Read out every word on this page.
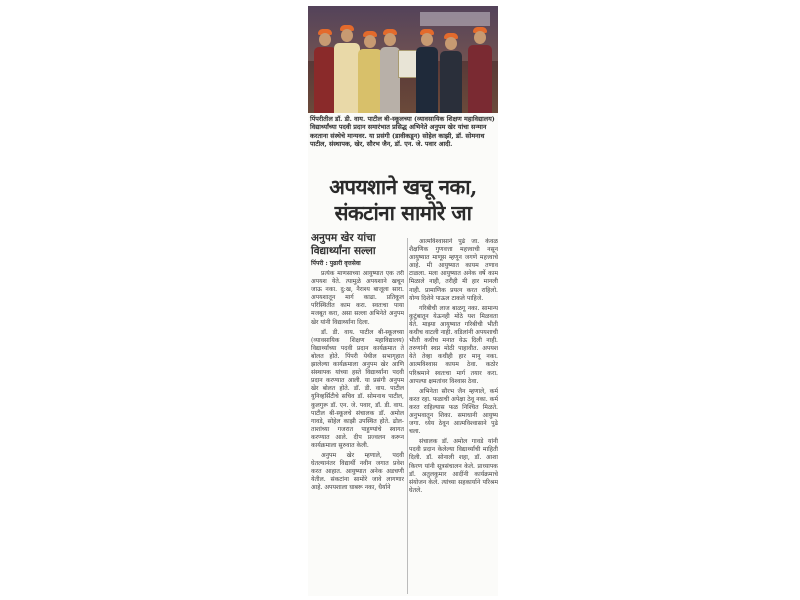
पिंपरीतील डॉ. डी. वाय. पाटील बी-स्कूलच्या (व्यावसायिक शिक्षण महाविद्यालय) विद्यार्थ्यांच्या पदवी प्रदान समारंभात प्रसिद्ध अभिनेते अनुपम खेर यांचा सन्मान करताना संस्थेचे मान्यवर. या प्रसंगी (डावीकडून) सोहेल काझी, डॉ. सोमनाथ पाटील, संस्थापक, खेर, सौरभ जैन, डॉ. एन. जे. पवार आदी.
अपयशाने खचू नका,
संकटांना सामोरे जा
अनुपम खेर यांचा विद्यार्थ्यांना सल्ला
पिंपरी : पुढारी वृत्तसेवा

प्रत्येक माणसाच्या आयुष्यात एक तरी अपयश येते. त्यामुळे अपयशाने खचून जाऊ नका. दु:ख, नैराश्य बाजूला सारा. अपयशातून मार्ग काढा. प्रतिकूल परिस्थितीत काम करा. स्वतःचा पाया मजबूत करा, असा सल्ला अभिनेते अनुपम खेर यांनी विद्यार्थ्यांना दिला.

डॉ. डी. वाय. पाटील बी-स्कूलच्या (व्यावसायिक शिक्षण महाविद्यालय) विद्यार्थ्यांच्या पदवी प्रदान कार्यक्रमात ते बोलत होते. पिंपरी येथील सभागृहात झालेल्या कार्यक्रमाला अनुपम खेर आणि संस्थापक यांच्या हस्ते विद्यार्थ्यांना पदवी प्रदान करण्यात आली. या प्रसंगी अनुपम खेर बोलत होते. डॉ. डी. वाय. पाटील युनिव्हर्सिटीचे सचिव डॉ. सोमनाथ पाटील, कुलगुरू डॉ. एन. जे. पवार, डॉ. डी. वाय. पाटील बी-स्कूलचे संचालक डॉ. अमोल गावडे, सोहेल काझी उपस्थित होते. ढोल-ताशांच्या गजरात पाहुण्यांचे स्वागत करण्यात आले. दीप प्रज्वलन करून कार्यक्रमाला सुरुवात केली.

अनुपम खेर म्हणाले, पदवी घेतल्यानंतर विद्यार्थी नवीन जगात प्रवेश करत आहात. आयुष्यात अनेक अडचणी येतील. संकटांना सामोरे जावे लागणार आहे. अपयशाला घाबरू नका, धैर्याने

आत्मविश्वासाने पुढे जा. केवळ शैक्षणिक गुणवत्ता महत्त्वाची नसून आयुष्यात माणूस म्हणून जगणे महत्त्वाचे आहे. मी आयुष्यात कायम तणाव टाळला. मला आयुष्यात अनेक वर्षे काम मिळाले नाही, तरीही मी हार मानली नाही. प्रामाणिक प्रयत्न करत राहिलो. योग्य दिशेने पाऊल टाकले पाहिजे.

गरिबीची लाज बाळगू नका. सामान्य कुटुंबातून येऊनही मोठे यश मिळवता येते. माझ्या आयुष्यात गरिबीची भीती कधीच वाटली नाही. वडिलांनी अपयशाची भीती कधीच मनात येऊ दिली नाही. तरुणांनी स्वप्न मोठी पाहावीत. अपयश येते तेव्हा कधीही हार मानू नका. आत्मविश्वास कायम ठेवा. कठोर परिश्रमाने स्वतःचा मार्ग तयार करा. आपल्या क्षमतांवर विश्वास ठेवा.

अभिनेता सौरभ जैन म्हणाले, कर्म करत रहा. फळाची अपेक्षा ठेवू नका. कर्म करत राहिल्यास फळ निश्चित मिळते. अनुभवातून शिका. समाधानी आयुष्य जगा. ध्येय ठेवून आत्मविश्वासाने पुढे चला.

संचालक डॉ. अमोल गावडे यांनी पदवी प्रदान केलेल्या विद्यार्थ्यांची माहिती दिली. डॉ. सोनाली शहा, डॉ. आशा किरण यांनी सूत्रसंचालन केले. प्राध्यापक डॉ. अतुलकुमार आदींनी कार्यक्रमाचे संयोजन केले. त्यांच्या सहकार्याने परिश्रम घेतले.
